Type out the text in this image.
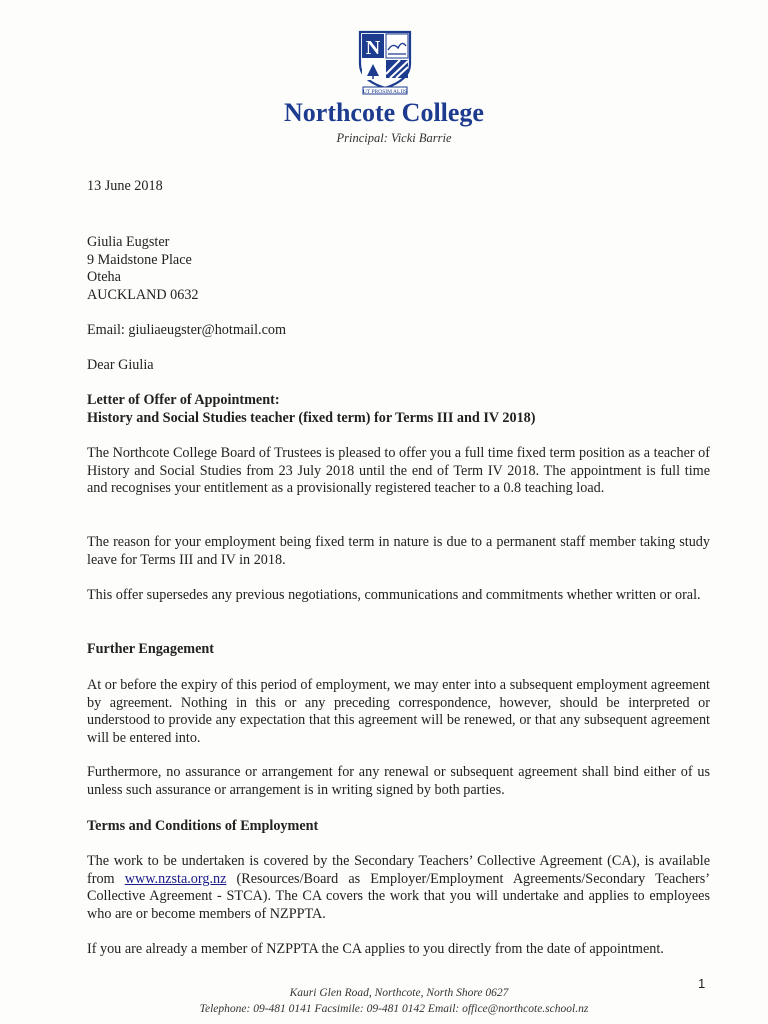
N
UT PROSIM ALIIS
Northcote College
Principal: Vicki Barrie
13 June 2018
Giulia Eugster
9 Maidstone Place
Oteha
AUCKLAND 0632
Email: giuliaeugster@hotmail.com
Dear Giulia
Letter of Offer of Appointment:
History and Social Studies teacher (fixed term) for Terms III and IV 2018)
The Northcote College Board of Trustees is pleased to offer you a full time fixed term position as a teacher of History and Social Studies from 23 July 2018 until the end of Term IV 2018. The appointment is full time and recognises your entitlement as a provisionally registered teacher to a 0.8 teaching load.
The reason for your employment being fixed term in nature is due to a permanent staff member taking study leave for Terms III and IV in 2018.
This offer supersedes any previous negotiations, communications and commitments whether written or oral.
Further Engagement
At or before the expiry of this period of employment, we may enter into a subsequent employment agreement by agreement. Nothing in this or any preceding correspondence, however, should be interpreted or understood to provide any expectation that this agreement will be renewed, or that any subsequent agreement will be entered into.
Furthermore, no assurance or arrangement for any renewal or subsequent agreement shall bind either of us unless such assurance or arrangement is in writing signed by both parties.
Terms and Conditions of Employment
The work to be undertaken is covered by the Secondary Teachers’ Collective Agreement (CA), is available from www.nzsta.org.nz (Resources/Board as Employer/Employment Agreements/Secondary Teachers’ Collective Agreement - STCA). The CA covers the work that you will undertake and applies to employees who are or become members of NZPPTA.
If you are already a member of NZPPTA the CA applies to you directly from the date of appointment.
1
Kauri Glen Road, Northcote, North Shore 0627
Telephone: 09-481 0141 Facsimile: 09-481 0142 Email: office@northcote.school.nz
